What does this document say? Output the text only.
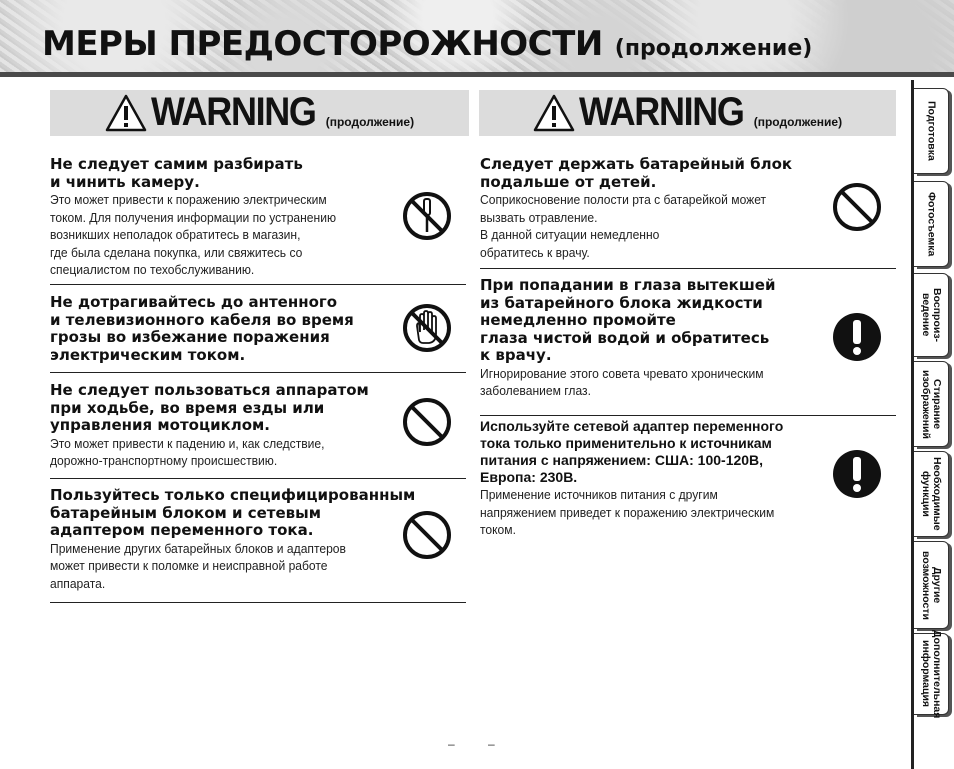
МЕРЫ ПРЕДОСТОРОЖНОСТИ (продолжение)
WARNING (продолжение)	WARNING (продолжение)
Не следует самим разбирать
и чинить камеру.
Это может привести к поражению электрическим
током. Для получения информации по устранению
возникших неполадок обратитесь в магазин,
где была сделана покупка, или свяжитесь со
специалистом по техобслуживанию.
Не дотрагивайтесь до антенного
и телевизионного кабеля во время
грозы во избежание поражения
электрическим током.
Не следует пользоваться аппаратом
при ходьбе, во время езды или
управления мотоциклом.
Это может привести к падению и, как следствие,
дорожно-транспортному происшествию.
Пользуйтесь только специфицированным
батарейным блоком и сетевым
адаптером переменного тока.
Применение других батарейных блоков и адаптеров
может привести к поломке и неисправной работе
аппарата.
Следует держать батарейный блок
подальше от детей.
Соприкосновение полости рта с батарейкой может
вызвать отравление.
В данной ситуации немедленно
обратитесь к врачу.
При попадании в глаза вытекшей
из батарейного блока жидкости
немедленно промойте
глаза чистой водой и обратитесь
к врачу.
Игнорирование этого совета чревато хроническим
заболеванием глаз.
Используйте сетевой адаптер переменного
тока только применительно к источникам
питания с напряжением: США: 100-120В,
Европа: 230В.
Применение источников питания с другим
напряжением приведет к поражению электрическим
током.
Подготовка
Фотосъемка
Воспроиз-
ведение
Стирание
изображений
Необходимые
функции
Другие
возможности
Дополнительная
информация
– –
